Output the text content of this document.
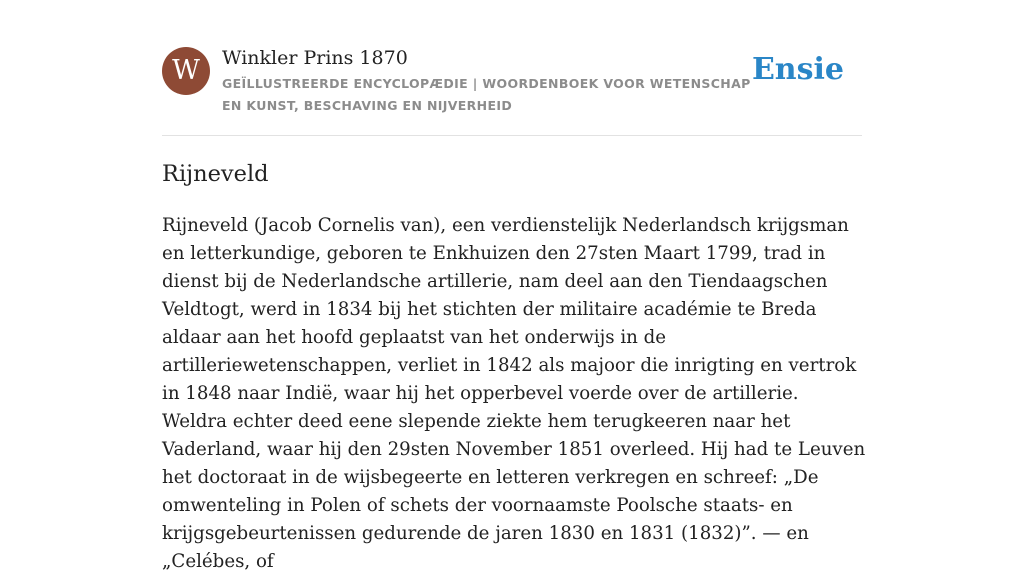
W	Winkler Prins 1870
GEÏLLUSTREERDE ENCYCLOPÆDIE | WOORDENBOEK VOOR WETENSCHAP EN KUNST, BESCHAVING EN NIJVERHEID
Ensie
Rijneveld

Rijneveld (Jacob Cornelis van), een verdienstelijk Nederlandsch krijgsman en letterkundige, geboren te Enkhuizen den 27sten Maart 1799, trad in dienst bij de Nederlandsche artillerie, nam deel aan den Tiendaagschen Veldtogt, werd in 1834 bij het stichten der militaire académie te Breda aldaar aan het hoofd geplaatst van het onderwijs in de artilleriewetenschappen, verliet in 1842 als majoor die inrigting en vertrok in 1848 naar Indië, waar hij het opperbevel voerde over de artillerie. Weldra echter deed eene slepende ziekte hem terugkeeren naar het Vaderland, waar hij den 29sten November 1851 overleed. Hij had te Leuven het doctoraat in de wijsbegeerte en letteren verkregen en schreef: „De omwenteling in Polen of schets der voornaamste Poolsche staats- en krijgsgebeurtenissen gedurende de jaren 1830 en 1831 (1832)”. — en „Celébes, of
